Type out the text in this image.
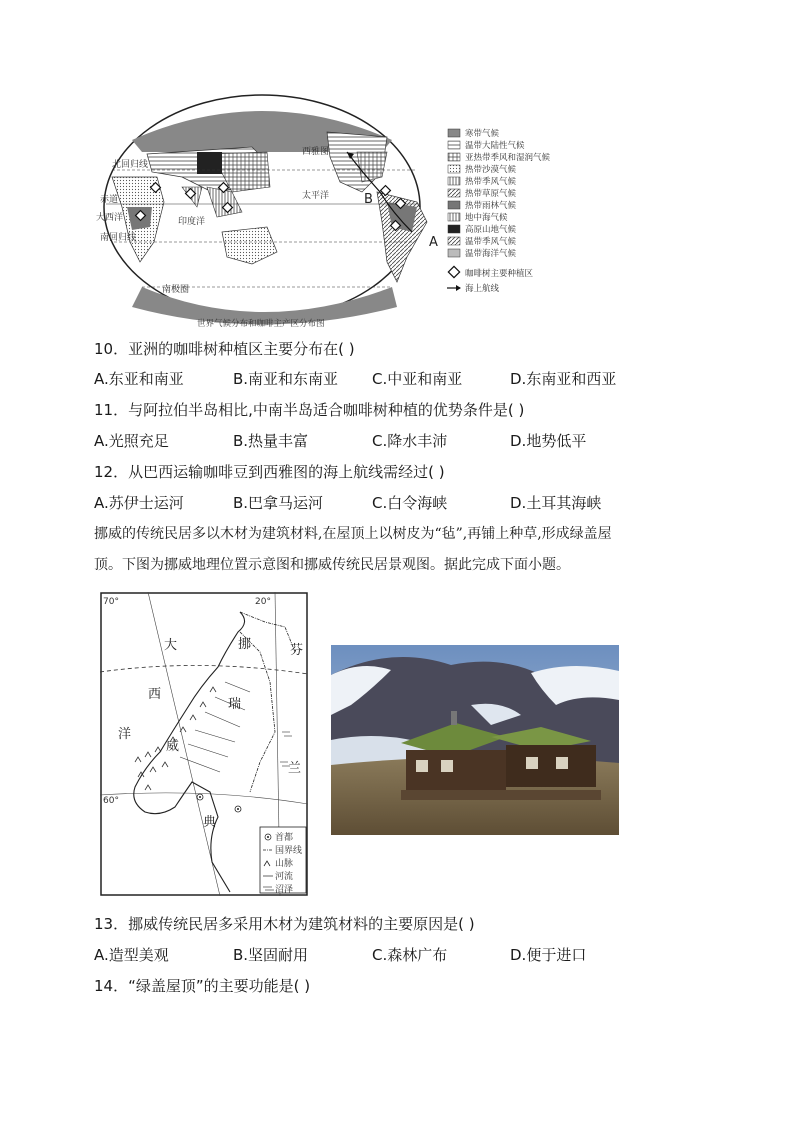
西雅图
太平洋
大西洋	印度洋
赤道
北回归线
南回归线
南极圈
A
B
寒带气候
温带大陆性气候
亚热带季风和湿润气候
热带沙漠气候
热带季风气候
热带草原气候
热带雨林气候
地中海气候
高原山地气候
温带季风气候
温带海洋气候
咖啡树主要种植区
海上航线
世界气候分布和咖啡主产区分布图
10．亚洲的咖啡树种植区主要分布在( )
A.东亚和南亚	B.南亚和东南亚 C.中亚和南亚	D.东南亚和西亚
11．与阿拉伯半岛相比,中南半岛适合咖啡树种植的优势条件是( )
A.光照充足	B.热量丰富	C.降水丰沛	D.地势低平
12．从巴西运输咖啡豆到西雅图的海上航线需经过( )
A.苏伊士运河	B.巴拿马运河	C.白令海峡	D.土耳其海峡
挪威的传统民居多以木材为建筑材料,在屋顶上以树皮为“毡”,再铺上种草,形成绿盖屋
顶。下图为挪威地理位置示意图和挪威传统民居景观图。据此完成下面小题。
70°	20°
60°
大
西
洋
挪
威
芬
兰
瑞
典
首都
国界线
山脉
河流
沼泽
13．挪威传统民居多采用木材为建筑材料的主要原因是( )
A.造型美观	B.坚固耐用	C.森林广布	D.便于进口
14．“绿盖屋顶”的主要功能是( )
